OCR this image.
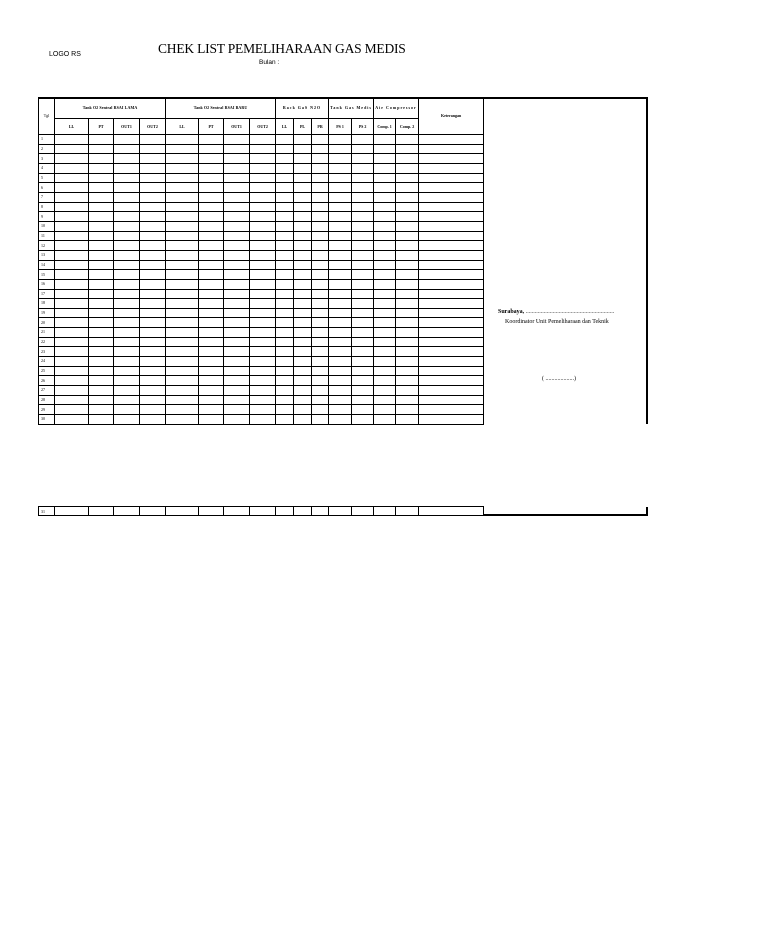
LOGO RS	CHEK LIST PEMELIHARAAN GAS MEDIS
Bulan :
Tgl	Tank O2 Sentral RSAI LAMA				Tank O2 Sentral RSAI BARU				Rack GaS N2O			Tank Gas Medis		Air Compressor		Keterangan
	LL	PT	OUT1	OUT2	LL	PT	OUT1	OUT2	LL	PL	PR	PS 1	PS 2	Comp. 1	Comp. 2	
1																
2																
3																
4																
5																
6																
7																
8																
9																
10																
11																
12																
13																
14																
15																
16																
17																
18																
19																
20																
21																
22																
23																
24																
25																
26																
27																
28																
29																
30																
Surabaya, ...........................................................
Koordinator Unit Pemeliharaan dan Teknik
( ...................)
31																
